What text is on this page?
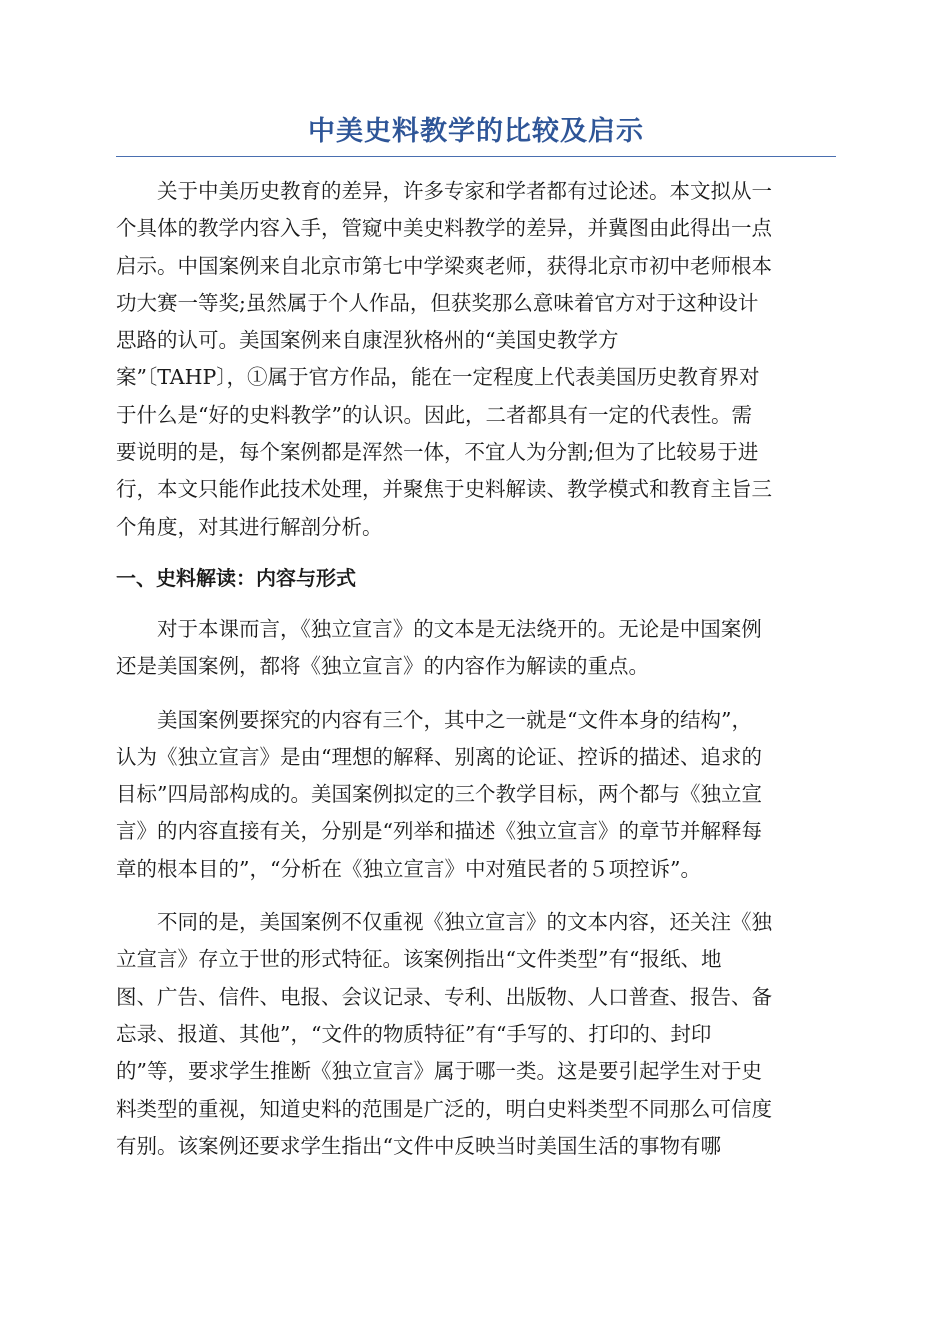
中美史料教学的比较及启示
关于中美历史教育的差异，许多专家和学者都有过论述。本文拟从一
个具体的教学内容入手，管窥中美史料教学的差异，并冀图由此得出一点
启示。中国案例来自北京市第七中学梁爽老师，获得北京市初中老师根本
功大赛一等奖;虽然属于个人作品，但获奖那么意味着官方对于这种设计
思路的认可。美国案例来自康涅狄格州的“美国史教学方
案”〔TAHP〕，①属于官方作品，能在一定程度上代表美国历史教育界对
于什么是“好的史料教学”的认识。因此，二者都具有一定的代表性。需
要说明的是，每个案例都是浑然一体，不宜人为分割;但为了比较易于进
行，本文只能作此技术处理，并聚焦于史料解读、教学模式和教育主旨三
个角度，对其进行解剖分析。
一、史料解读：内容与形式
对于本课而言，《独立宣言》的文本是无法绕开的。无论是中国案例
还是美国案例，都将《独立宣言》的内容作为解读的重点。
美国案例要探究的内容有三个，其中之一就是“文件本身的结构”，
认为《独立宣言》是由“理想的解释、别离的论证、控诉的描述、追求的
目标”四局部构成的。美国案例拟定的三个教学目标，两个都与《独立宣
言》的内容直接有关，分别是“列举和描述《独立宣言》的章节并解释每
章的根本目的”，“分析在《独立宣言》中对殖民者的５项控诉”。
不同的是，美国案例不仅重视《独立宣言》的文本内容，还关注《独
立宣言》存立于世的形式特征。该案例指出“文件类型”有“报纸、地
图、广告、信件、电报、会议记录、专利、出版物、人口普查、报告、备
忘录、报道、其他”，“文件的物质特征”有“手写的、打印的、封印
的”等，要求学生推断《独立宣言》属于哪一类。这是要引起学生对于史
料类型的重视，知道史料的范围是广泛的，明白史料类型不同那么可信度
有别。该案例还要求学生指出“文件中反映当时美国生活的事物有哪
